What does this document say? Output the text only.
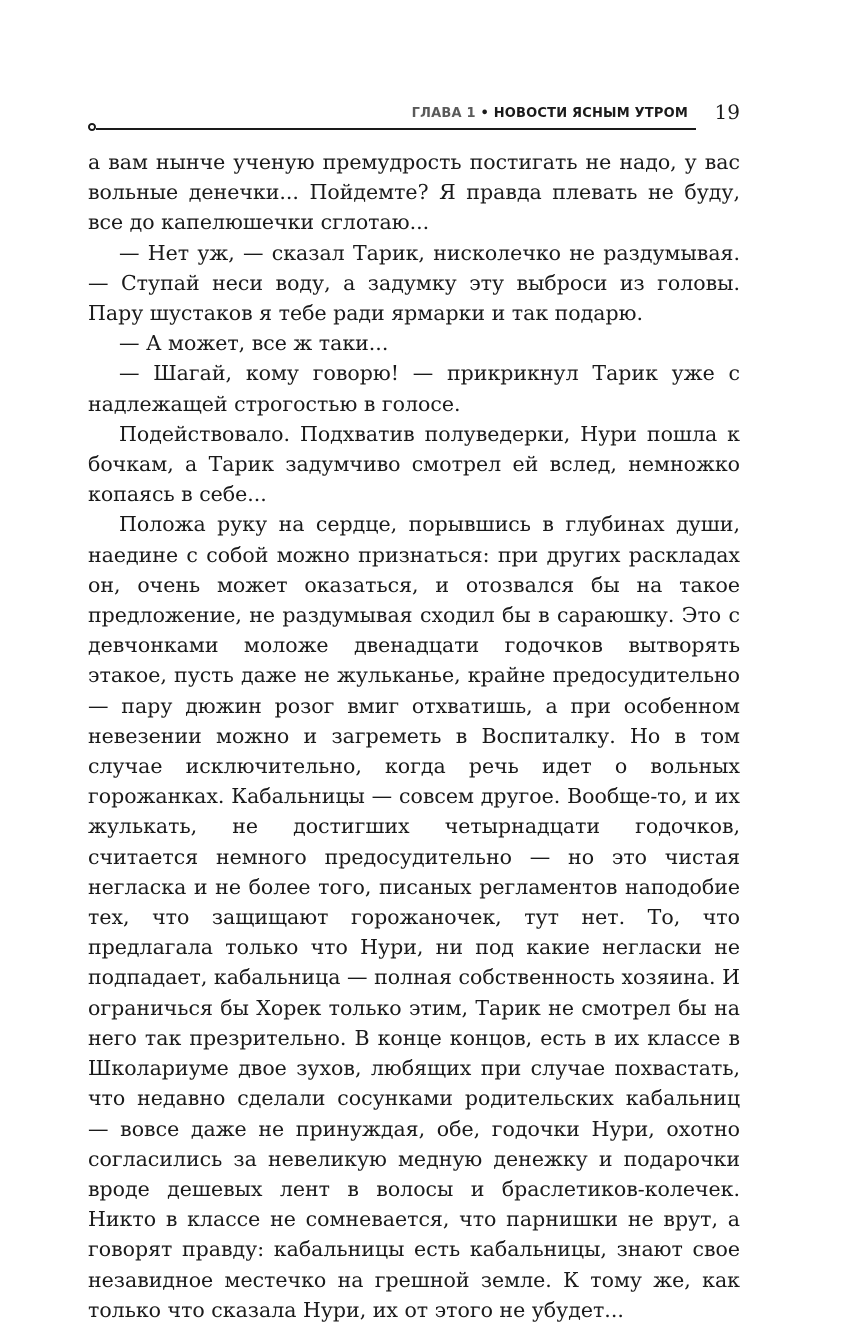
ГЛАВА 1 • НОВОСТИ ЯСНЫМ УТРОМ 19

а вам нынче ученую премудрость постигать не надо, у вас вольные денечки... Пойдемте? Я правда плевать не буду, все до капелюшечки сглотаю...

— Нет уж, — сказал Тарик, нисколечко не раздумывая. — Ступай неси воду, а задумку эту выброси из головы. Пару шустаков я тебе ради ярмарки и так подарю.

— А может, все ж таки...

— Шагай, кому говорю! — прикрикнул Тарик уже с надлежащей строгостью в голосе.

Подействовало. Подхватив полуведерки, Нури пошла к бочкам, а Тарик задумчиво смотрел ей вслед, немножко копаясь в себе...

Положа руку на сердце, порывшись в глубинах души, наедине с собой можно признаться: при других раскладах он, очень может оказаться, и отозвался бы на такое предложение, не раздумывая сходил бы в сараюшку. Это с девчонками моложе двенадцати годочков вытворять этакое, пусть даже не жульканье, крайне предосудительно — пару дюжин розог вмиг отхватишь, а при особенном невезении можно и загреметь в Воспиталку. Но в том случае исключительно, когда речь идет о вольных горожанках. Кабальницы — совсем другое. Вообще-то, и их жулькать, не достигших четырнадцати годочков, считается немного предосудительно — но это чистая негласка и не более того, писаных регламентов наподобие тех, что защищают горожаночек, тут нет. То, что предлагала только что Нури, ни под какие негласки не подпадает, кабальница — полная собственность хозяина. И ограничься бы Хорек только этим, Тарик не смотрел бы на него так презрительно. В конце концов, есть в их классе в Школариуме двое зухов, любящих при случае похвастать, что недавно сделали сосунками родительских кабальниц — вовсе даже не принуждая, обе, годочки Нури, охотно согласились за невеликую медную денежку и подарочки вроде дешевых лент в волосы и браслетиков-колечек. Никто в классе не сомневается, что парнишки не врут, а говорят правду: кабальницы есть кабальницы, знают свое незавидное местечко на грешной земле. К тому же, как только что сказала Нури, их от этого не убудет...
